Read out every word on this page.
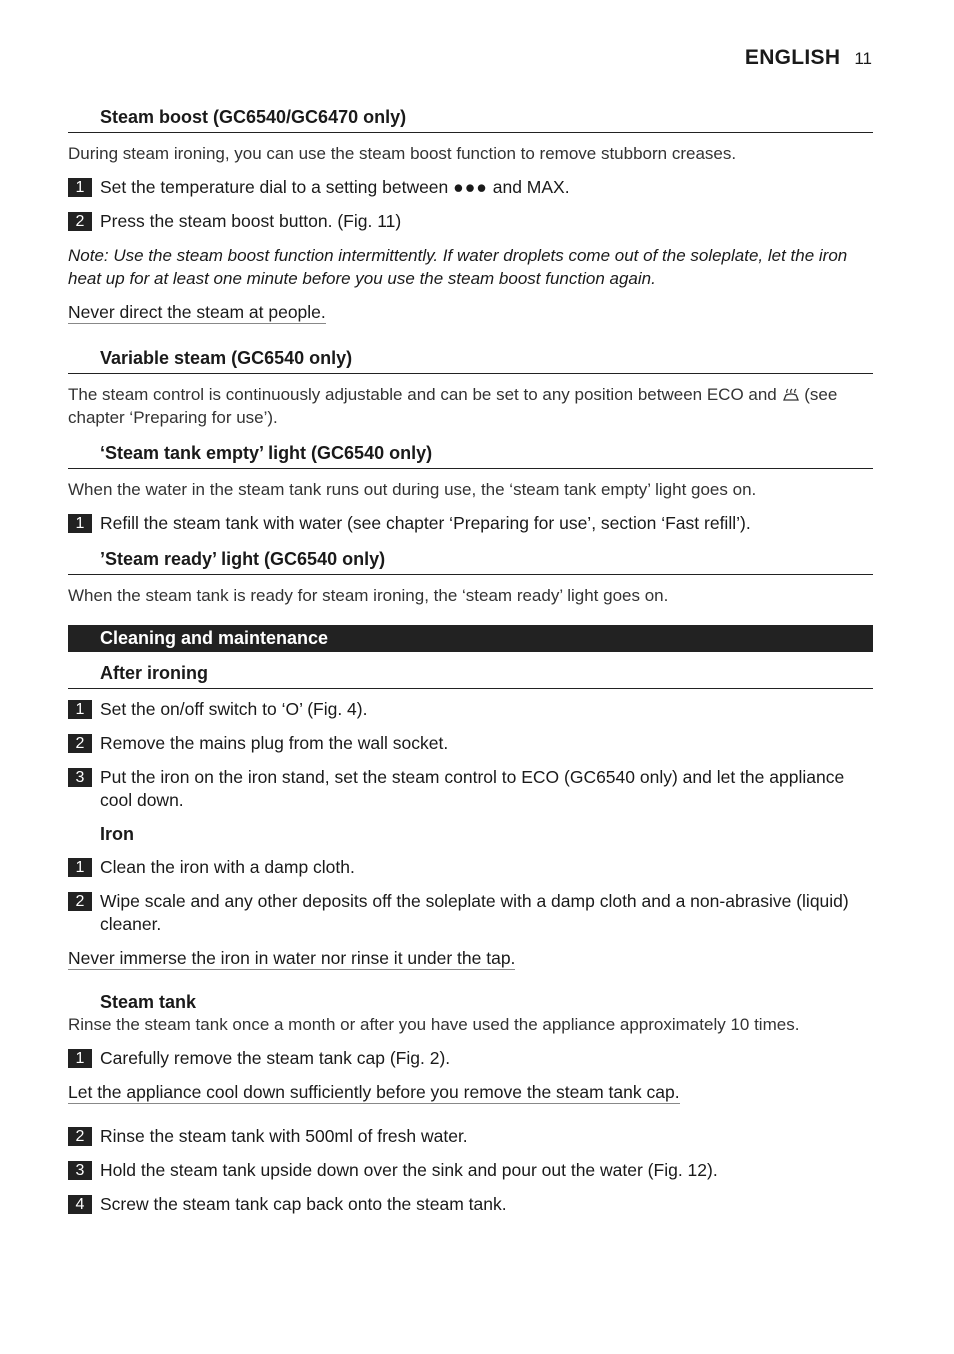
ENGLISH 11
Steam boost (GC6540/GC6470 only)

During steam ironing, you can use the steam boost function to remove stubborn creases.

1 Set the temperature dial to a setting between ●●● and MAX.
2 Press the steam boost button. (Fig. 11)

Note: Use the steam boost function intermittently. If water droplets come out of the soleplate, let the iron heat up for at least one minute before you use the steam boost function again.

Never direct the steam at people.
Variable steam (GC6540 only)

The steam control is continuously adjustable and can be set to any position between ECO and (see chapter ‘Preparing for use’).

‘Steam tank empty’ light (GC6540 only)

When the water in the steam tank runs out during use, the ‘steam tank empty’ light goes on.

1 Refill the steam tank with water (see chapter ‘Preparing for use’, section ‘Fast refill’).
’Steam ready’ light (GC6540 only)

When the steam tank is ready for steam ironing, the ‘steam ready’ light goes on.

Cleaning and maintenance
After ironing
1 Set the on/off switch to ‘O’ (Fig. 4).
2 Remove the mains plug from the wall socket.
3 Put the iron on the iron stand, set the steam control to ECO (GC6540 only) and let the appliance cool down.
Iron
1 Clean the iron with a damp cloth.
2 Wipe scale and any other deposits off the soleplate with a damp cloth and a non-abrasive (liquid) cleaner.
Never immerse the iron in water nor rinse it under the tap.
Steam tank

Rinse the steam tank once a month or after you have used the appliance approximately 10 times.

1 Carefully remove the steam tank cap (Fig. 2).
Let the appliance cool down sufficiently before you remove the steam tank cap.
2 Rinse the steam tank with 500ml of fresh water.
3 Hold the steam tank upside down over the sink and pour out the water (Fig. 12).
4 Screw the steam tank cap back onto the steam tank.
